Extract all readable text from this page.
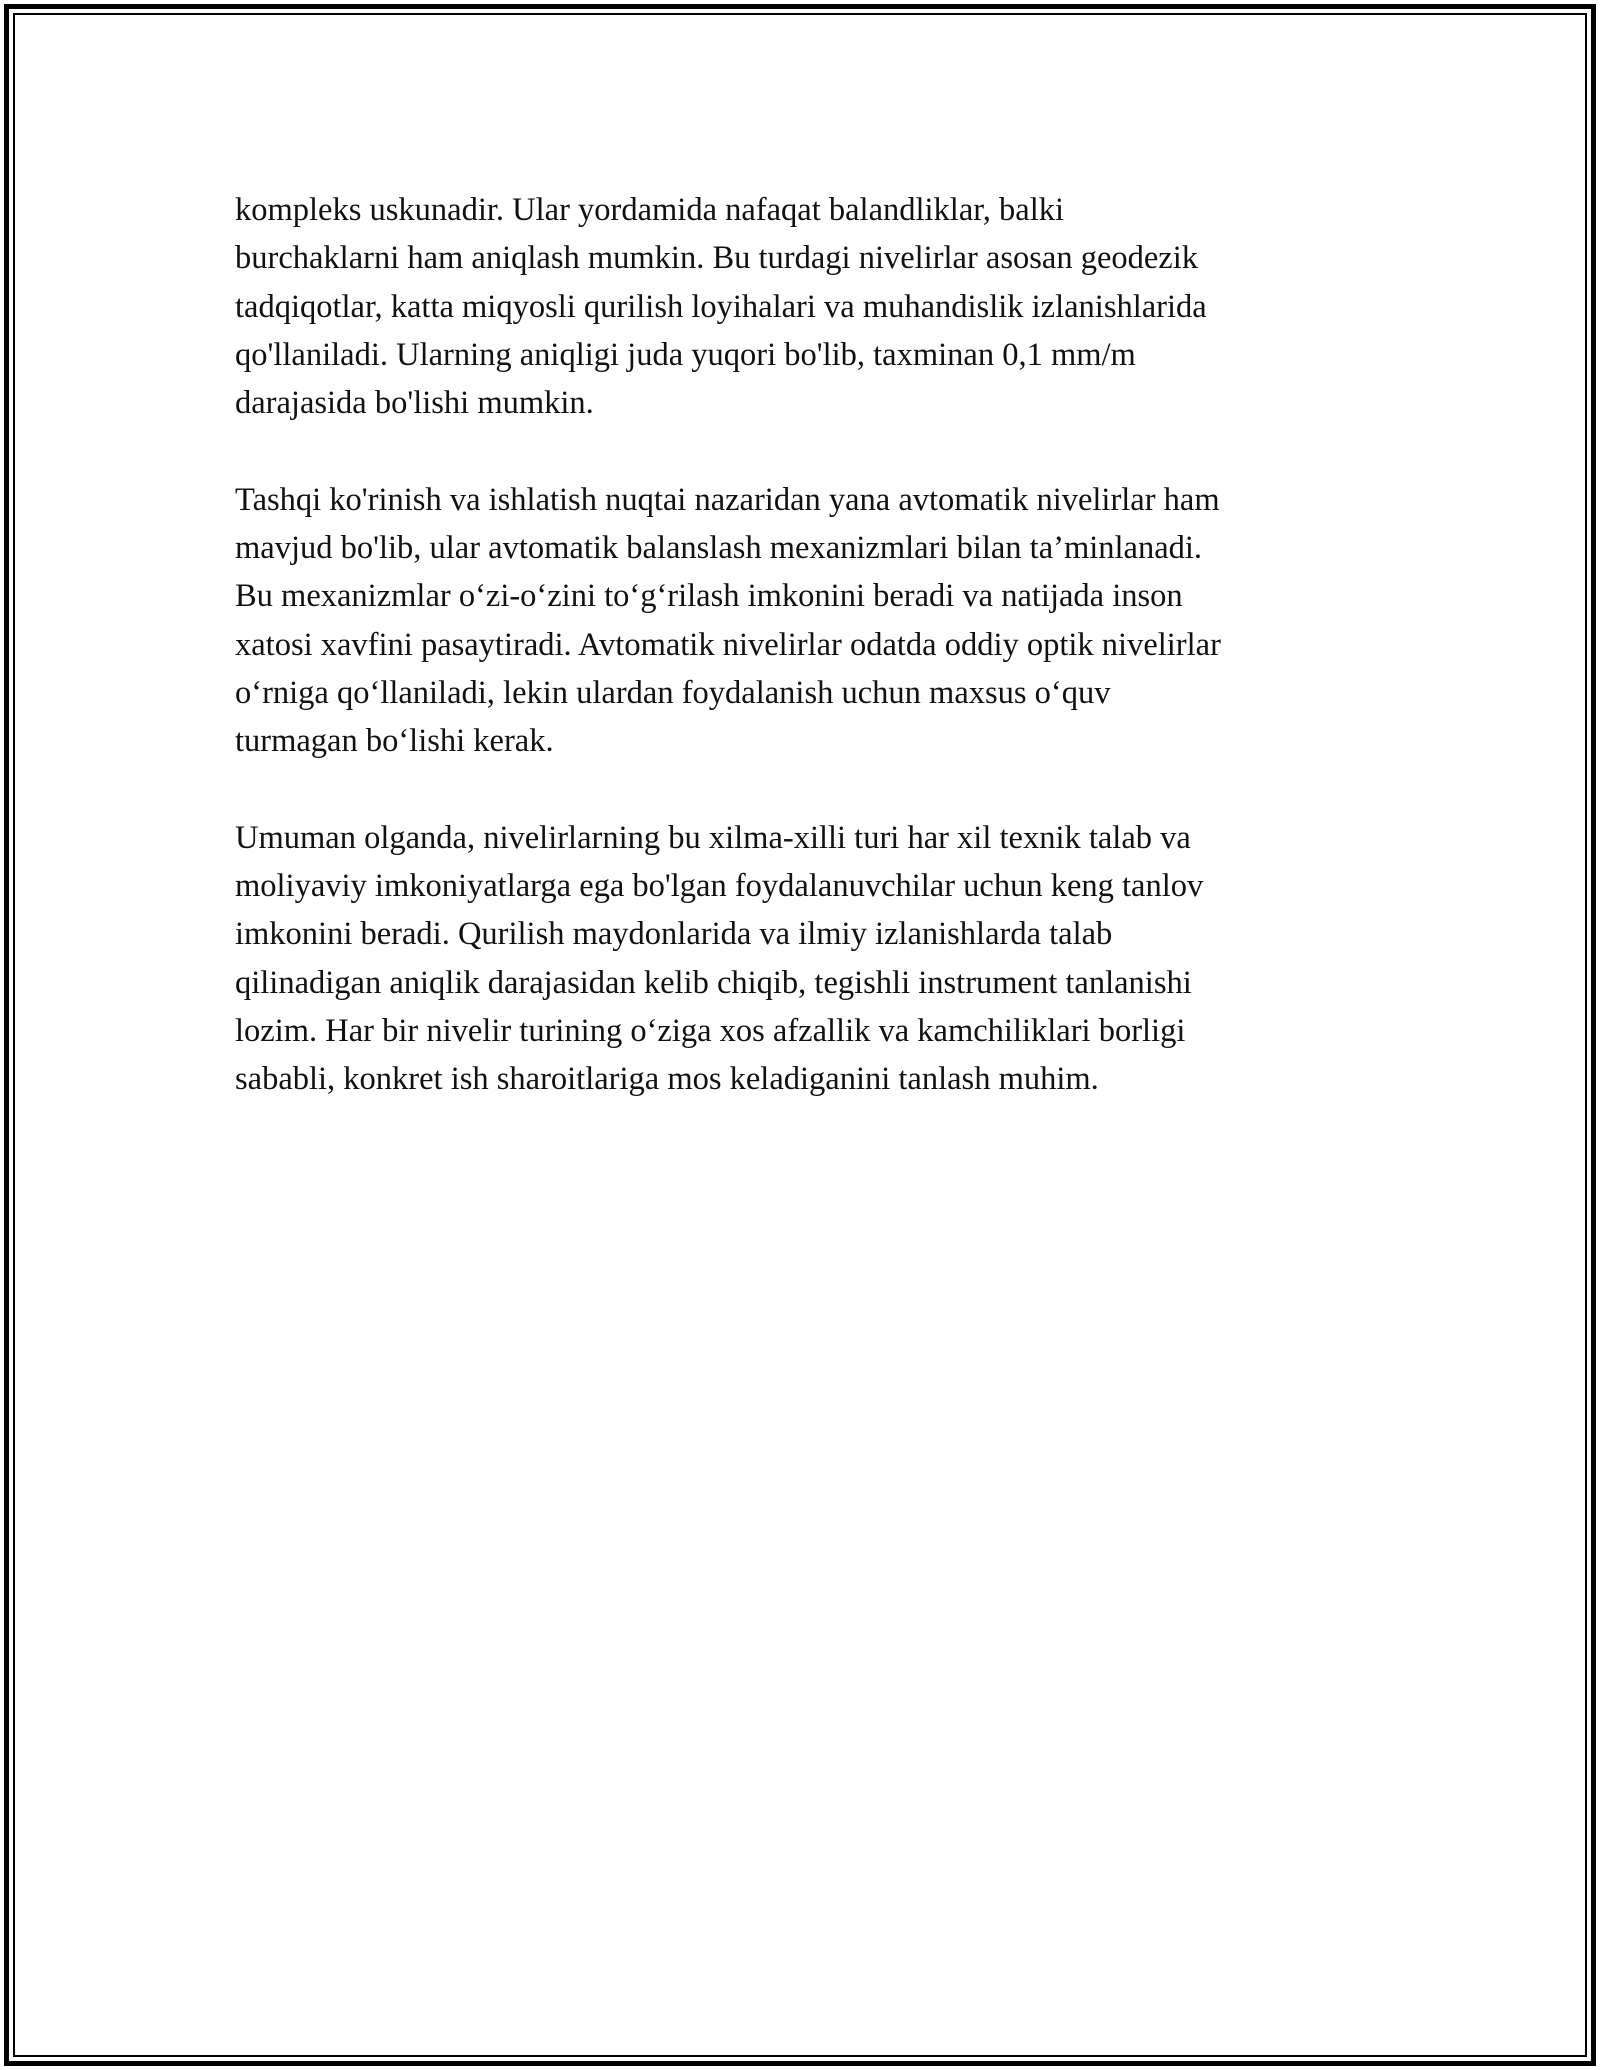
kompleks uskunadir. Ular yordamida nafaqat balandliklar, balki
burchaklarni ham aniqlash mumkin. Bu turdagi nivelirlar asosan geodezik
tadqiqotlar, katta miqyosli qurilish loyihalari va muhandislik izlanishlarida
qo'llaniladi. Ularning aniqligi juda yuqori bo'lib, taxminan 0,1 mm/m
darajasida bo'lishi mumkin.

Tashqi ko'rinish va ishlatish nuqtai nazaridan yana avtomatik nivelirlar ham
mavjud bo'lib, ular avtomatik balanslash mexanizmlari bilan ta’minlanadi.
Bu mexanizmlar o‘zi-o‘zini to‘g‘rilash imkonini beradi va natijada inson
xatosi xavfini pasaytiradi. Avtomatik nivelirlar odatda oddiy optik nivelirlar
o‘rniga qo‘llaniladi, lekin ulardan foydalanish uchun maxsus o‘quv
turmagan bo‘lishi kerak.

Umuman olganda, nivelirlarning bu xilma-xilli turi har xil texnik talab va
moliyaviy imkoniyatlarga ega bo'lgan foydalanuvchilar uchun keng tanlov
imkonini beradi. Qurilish maydonlarida va ilmiy izlanishlarda talab
qilinadigan aniqlik darajasidan kelib chiqib, tegishli instrument tanlanishi
lozim. Har bir nivelir turining o‘ziga xos afzallik va kamchiliklari borligi
sababli, konkret ish sharoitlariga mos keladiganini tanlash muhim.
